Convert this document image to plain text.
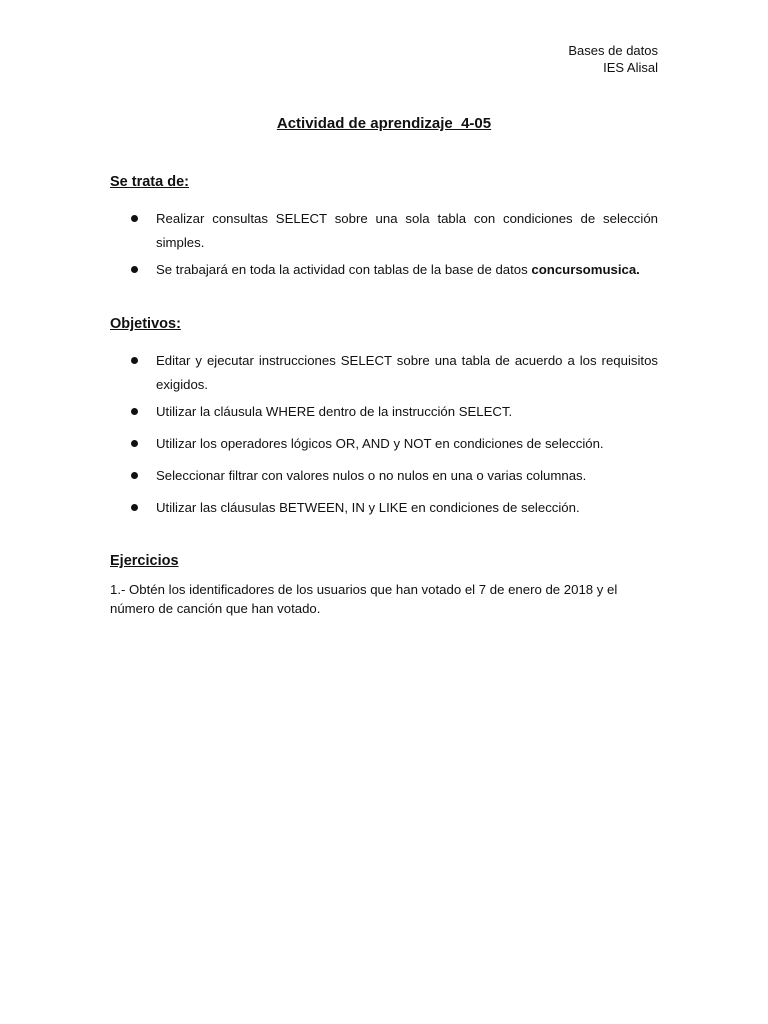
Bases de datos
IES Alisal
Actividad de aprendizaje  4-05
Se trata de:
Realizar consultas SELECT sobre una sola tabla con condiciones de selección simples.
Se trabajará en toda la actividad con tablas de la base de datos concursomusica.
Objetivos:
Editar y ejecutar instrucciones SELECT sobre una tabla de acuerdo a los requisitos exigidos.
Utilizar la cláusula WHERE dentro de la instrucción SELECT.
Utilizar los operadores lógicos OR, AND y NOT en condiciones de selección.
Seleccionar filtrar con valores nulos o no nulos en una o varias columnas.
Utilizar las cláusulas BETWEEN, IN y LIKE en condiciones de selección.
Ejercicios
1.- Obtén los identificadores de los usuarios que han votado el 7 de enero de 2018 y el número de canción que han votado.
